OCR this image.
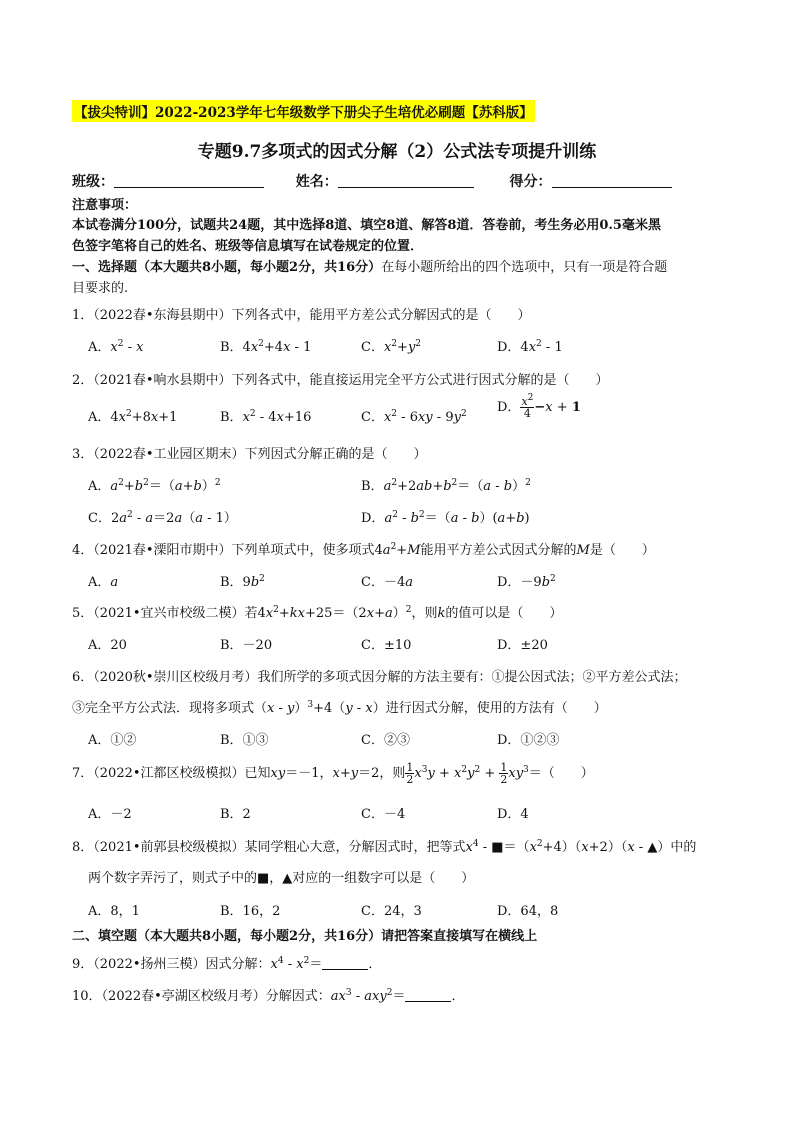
【拔尖特训】2022-2023学年七年级数学下册尖子生培优必刷题【苏科版】
专题9.7多项式的因式分解（2）公式法专项提升训练
班级：	姓名：	得分：
注意事项：
本试卷满分100分，试题共24题，其中选择8道、填空8道、解答8道．答卷前，考生务必用0.5毫米黑
色签字笔将自己的姓名、班级等信息填写在试卷规定的位置．
一、选择题（本大题共8小题，每小题2分，共16分）在每小题所给出的四个选项中，只有一项是符合题
目要求的.
1．（2022春•东海县期中）下列各式中，能用平方差公式分解因式的是（　　）
A．$x^2$ - x	B．$4x^2+4x - 1$	C．$x^2+y^2$	D．$4x^2 - 1$
2．（2021春•响水县期中）下列各式中，能直接运用完全平方公式进行因式分解的是（　　）
A．$4x^2+8x+1$	B．$x^2 - 4x+16$	C．$x^2 - 6xy - 9y^2$ D． $\frac{x^2}{4} -x + 1$
3．（2022春•工业园区期末）下列因式分解正确的是（　　）
A．$a^2+b^2=(a+b)^2$	B．$a^2+2ab+b^2=(a - b)^2$
C．$2a^2 - a=2a(a - 1)$	D．$a^2 - b^2=(a - b)(a+b)$
4．（2021春•溧阳市期中）下列单项式中，使多项式$4a^2+M$能用平方差公式因式分解的M是（　　）
A．a	B．$9b^2$	C．－4a	D．$-9b^2$
5．（2021•宜兴市校级二模）若$4x^2+kx+25=(2x+a)^2$，则k的值可以是（　　）
A．20	B．－20	C．±10	D．±20
6．（2020秋•崇川区校级月考）我们所学的多项式因分解的方法主要有：①提公因式法；②平方差公式法；
③完全平方公式法．现将多项式（x - y）$^3$+4（y - x）进行因式分解，使用的方法有（　　）
A．①②	B．①③	C．②③	D．①②③
7．（2022•江都区校级模拟）已知xy＝－1，x+y＝2，则 $\frac{1}{2} x^3y + x^2y^2 + \frac{1}{2} xy^3=$（　　）
A．－2	B．2	C．－4	D．4
8．（2021•前郭县校级模拟）某同学粗心大意，分解因式时，把等式$x^4$ - $■=(x^2+4)(x+2)(x$ - ▲）中的
两个数字弄污了，则式子中的■，▲对应的一组数字可以是（　　）
A．8，1	B．16，2	C．24，3	D．64，8
二、填空题（本大题共8小题，每小题2分，共16分）请把答案直接填写在横线上
9．（2022•扬州三模）因式分解：$x^4 - x^2=$	．
10．（2022春•亭湖区校级月考）分解因式：$ax^3 - axy^2=$	．
